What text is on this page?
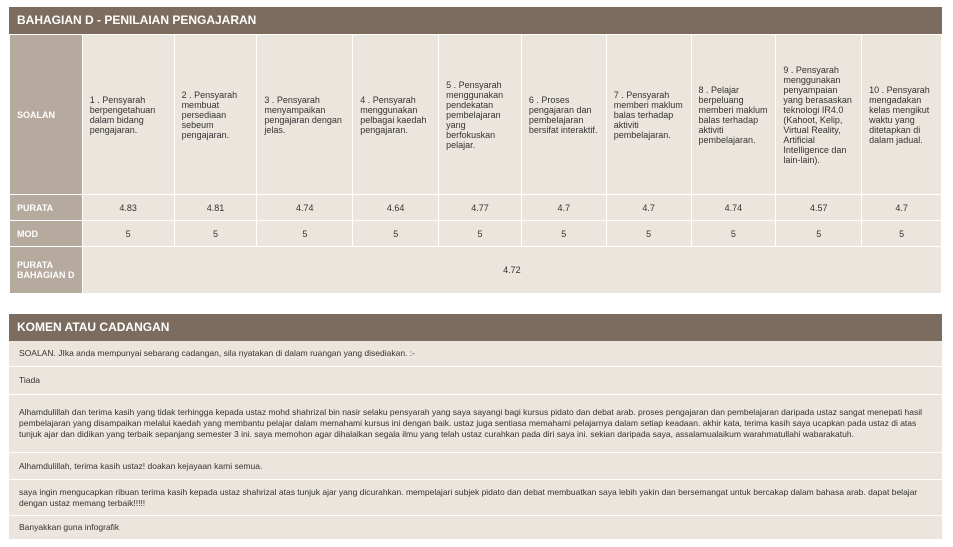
BAHAGIAN D - PENILAIAN PENGAJARAN
SOALAN	1 . Pensyarah berpengetahuan dalam bidang pengajaran.	2 . Pensyarah membuat persediaan sebeum pengajaran.	3 . Pensyarah menyampaikan pengajaran dengan jelas.	4 . Pensyarah menggunakan pelbagai kaedah pengajaran.	5 . Pensyarah menggunakan pendekatan pembelajaran yang berfokuskan pelajar.	6 . Proses pengajaran dan pembelajaran bersifat interaktif.	7 . Pensyarah memberi maklum balas terhadap aktiviti pembelajaran.	8 . Pelajar berpeluang memberi maklum balas terhadap aktiviti pembelajaran.	9 . Pensyarah menggunakan penyampaian yang berasaskan teknologi IR4.0 (Kahoot, Kelip, Virtual Reality, Artificial Intelligence dan lain-lain).	10 . Pensyarah mengadakan kelas mengikut waktu yang ditetapkan di dalam jadual.
PURATA	4.83	4.81	4.74	4.64	4.77	4.7	4.7	4.74	4.57	4.7
MOD	5	5	5	5	5	5	5	5	5	5
PURATA BAHAGIAN D	4.72									
KOMEN ATAU CADANGAN
SOALAN. JIka anda mempunyai sebarang cadangan, sila nyatakan di dalam ruangan yang disediakan. :-
Tiada
Alhamdulillah dan terima kasih yang tidak terhingga kepada ustaz mohd shahrizal bin nasir selaku pensyarah yang saya sayangi bagi kursus pidato dan debat arab. proses pengajaran dan pembelajaran daripada ustaz sangat menepati hasil pembelajaran yang disampaikan melalui kaedah yang membantu pelajar dalam memahami kursus ini dengan baik. ustaz juga sentiasa memahami pelajarnya dalam setiap keadaan. akhir kata, terima kasih saya ucapkan pada ustaz di atas tunjuk ajar dan didikan yang terbaik sepanjang semester 3 ini. saya memohon agar dihalalkan segala ilmu yang telah ustaz curahkan pada diri saya ini. sekian daripada saya, assalamualaikum warahmatullahi wabarakatuh.
Alhamdulillah, terima kasih ustaz! doakan kejayaan kami semua.
saya ingin mengucapkan ribuan terima kasih kepada ustaz shahrizal atas tunjuk ajar yang dicurahkan. mempelajari subjek pidato dan debat membuatkan saya lebih yakin dan bersemangat untuk bercakap dalam bahasa arab. dapat belajar dengan ustaz memang terbaik!!!!!
Banyakkan guna infografik
